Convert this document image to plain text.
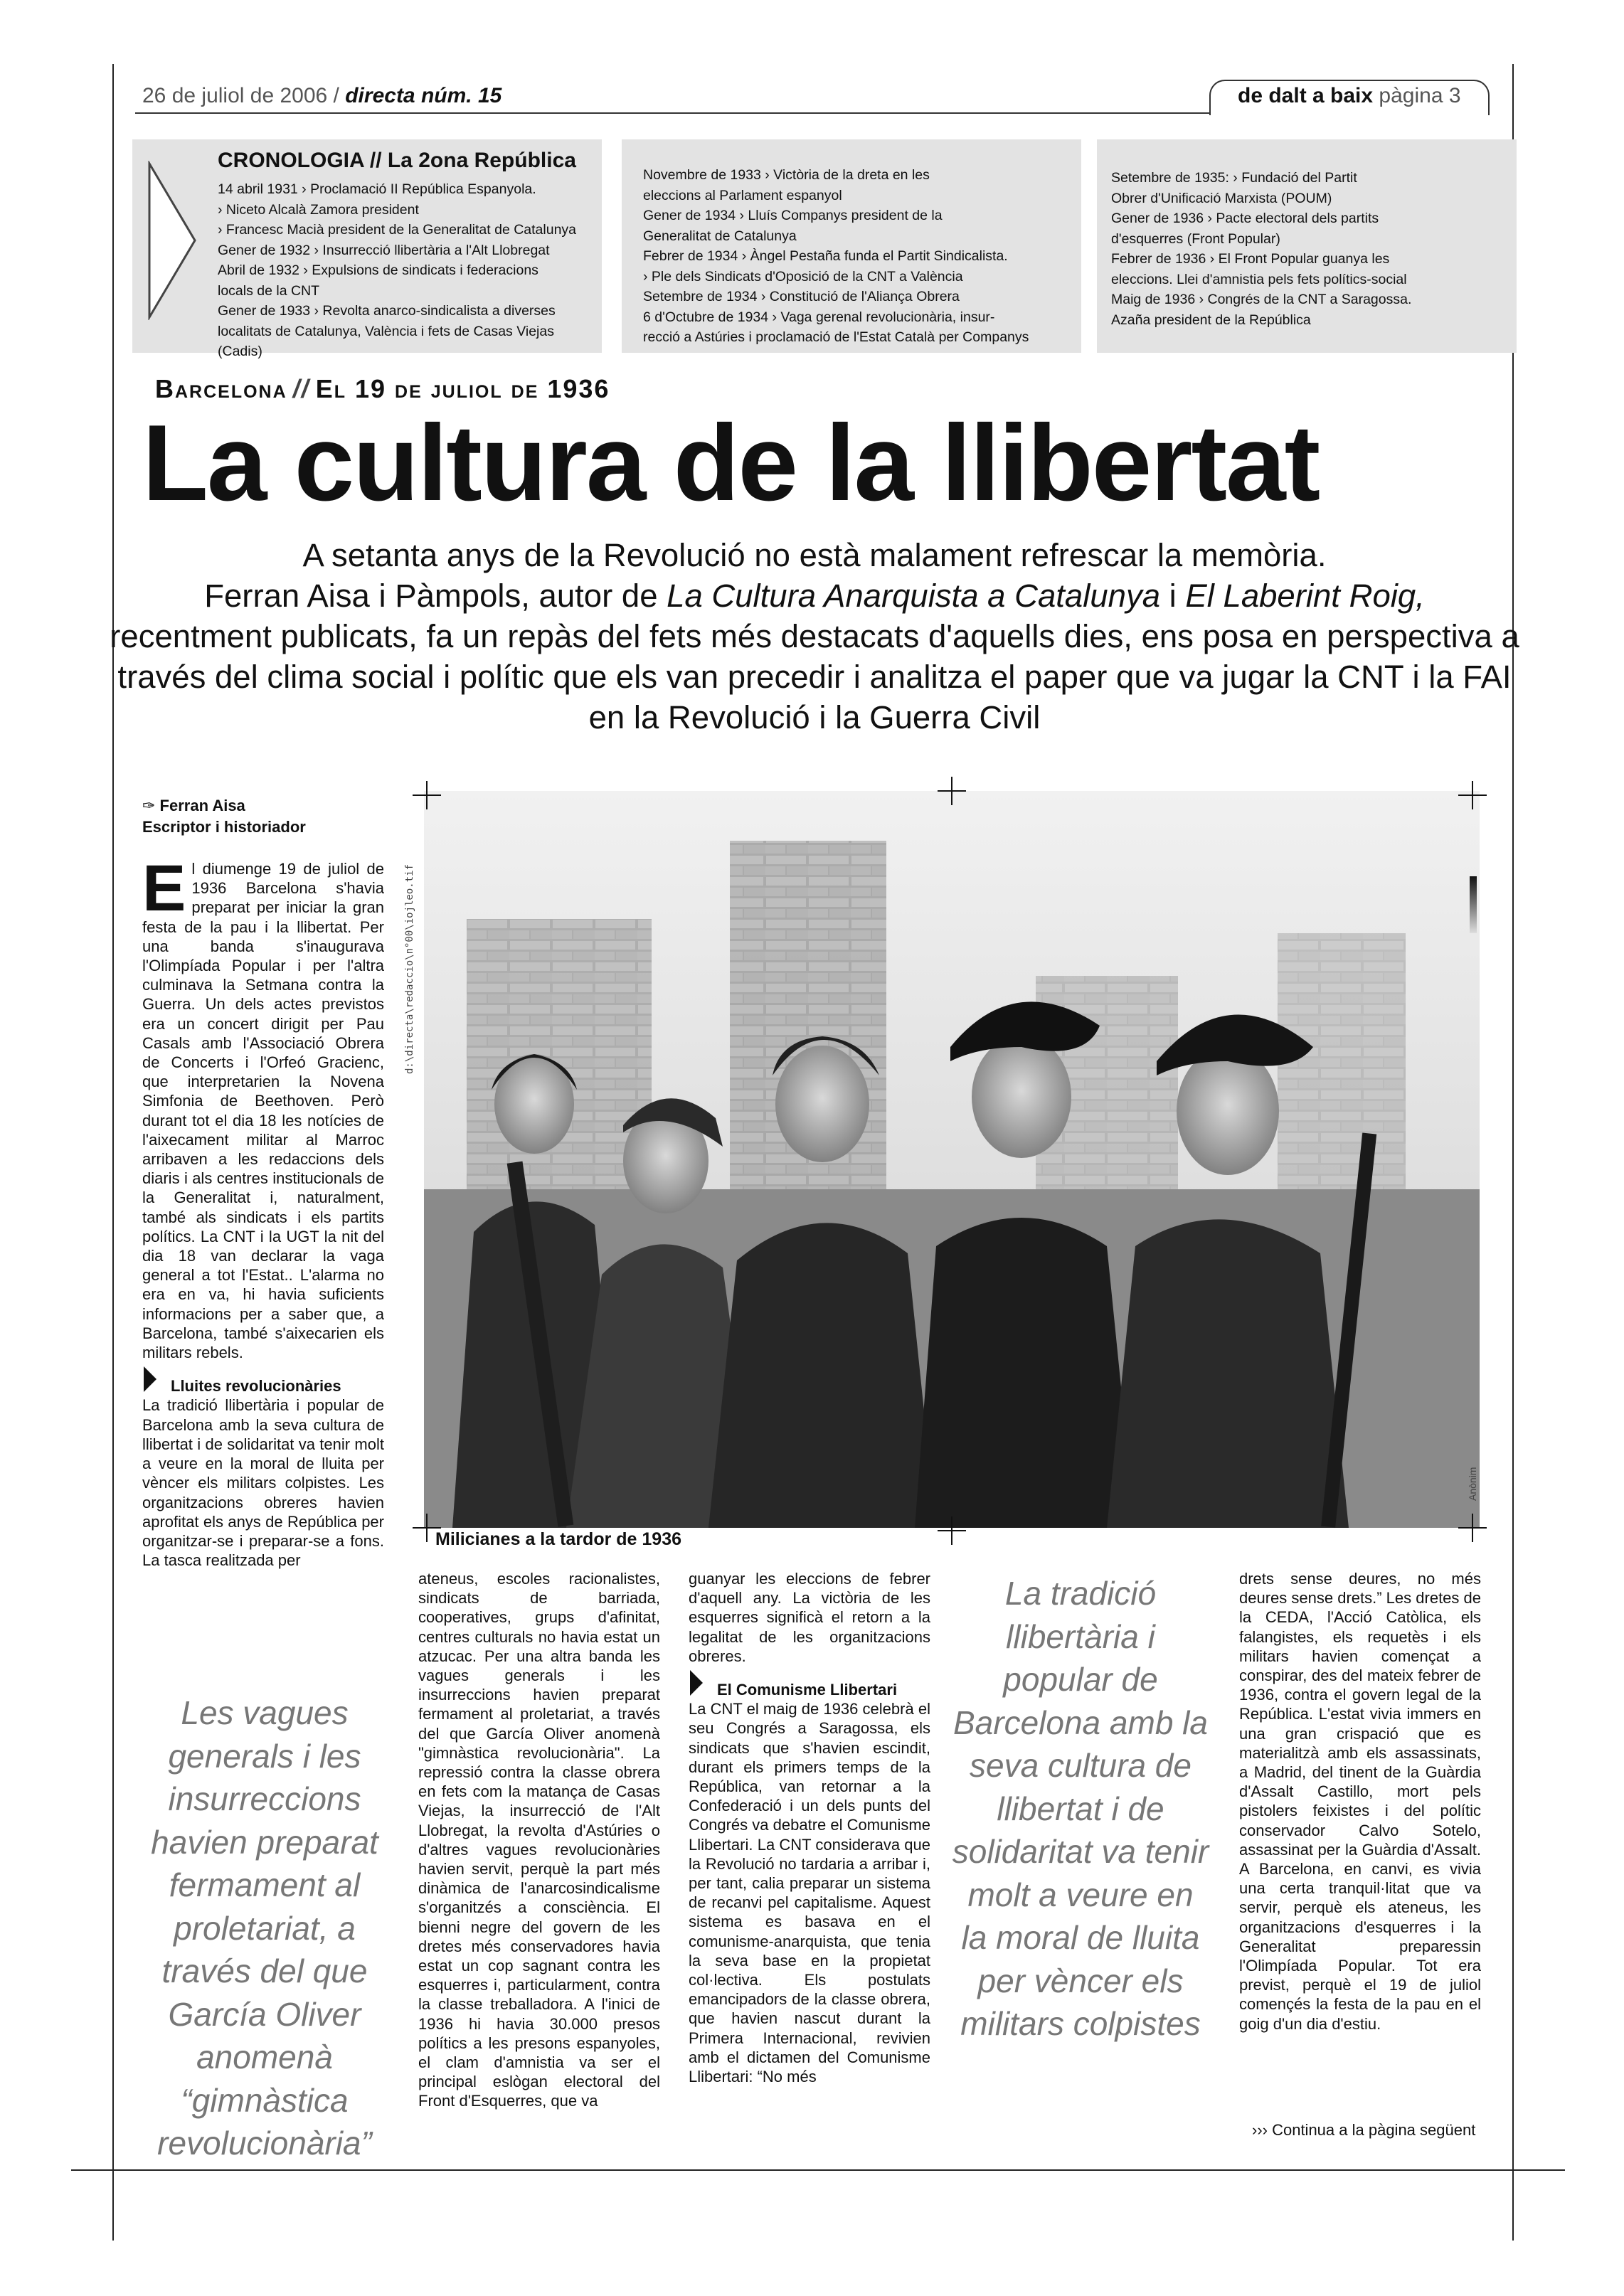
26 de juliol de 2006 / directa núm. 15	de dalt a baix pàgina 3
CRONOLOGIA // La 2ona República

14 abril 1931 › Proclamació II República Espanyola.

› Niceto Alcalà Zamora president

› Francesc Macià president de la Generalitat de Catalunya

Gener de 1932 › Insurrecció llibertària a l'Alt Llobregat

Abril de 1932 › Expulsions de sindicats i federacions

locals de la CNT

Gener de 1933 › Revolta anarco-sindicalista a diverses

localitats de Catalunya, València i fets de Casas Viejas (Cadis)

Novembre de 1933 › Victòria de la dreta en les

eleccions al Parlament espanyol

Gener de 1934 › Lluís Companys president de la

Generalitat de Catalunya

Febrer de 1934 › Àngel Pestaña funda el Partit Sindicalista.

› Ple dels Sindicats d'Oposició de la CNT a València

Setembre de 1934 › Constitució de l'Aliança Obrera

6 d'Octubre de 1934 › Vaga gerenal revolucionària, insur-

recció a Astúries i proclamació de l'Estat Català per Companys

Setembre de 1935: › Fundació del Partit

Obrer d'Unificació Marxista (POUM)

Gener de 1936 › Pacte electoral dels partits

d'esquerres (Front Popular)

Febrer de 1936 › El Front Popular guanya les

eleccions. Llei d'amnistia pels fets polítics-social

Maig de 1936 › Congrés de la CNT a Saragossa.

Azaña president de la República

Barcelona // El 19 de juliol de 1936
La cultura de la llibertat
A setanta anys de la Revolució no està malament refrescar la memòria.
Ferran Aisa i Pàmpols, autor de La Cultura Anarquista a Catalunya i El Laberint Roig,
recentment publicats, fa un repàs del fets més destacats d'aquells dies, ens posa en perspectiva a través del clima social i polític que els van precedir i analitza el paper que va jugar la CNT i la FAI en la Revolució i la Guerra Civil
d:\directa\redaccio\n°00\iojleo.tif
Milicianes a la tardor de 1936
Anònim
✑ Ferran Aisa
Escriptor i historiador

El diumenge 19 de juliol de 1936 Barcelona s'havia preparat per iniciar la gran festa de la pau i la llibertat. Per una banda s'inaugurava l'Olimpíada Popular i per l'altra culminava la Setmana contra la Guerra. Un dels actes previstos era un concert dirigit per Pau Casals amb l'Associació Obrera de Concerts i l'Orfeó Gracienc, que interpretarien la Novena Simfonia de Beethoven. Però durant tot el dia 18 les notícies de l'aixecament militar al Marroc arribaven a les redaccions dels diaris i als centres institucionals de la Generalitat i, naturalment, també als sindicats i els partits polítics. La CNT i la UGT la nit del dia 18 van declarar la vaga general a tot l'Estat.. L'alarma no era en va, hi havia suficients informacions per a saber que, a Barcelona, també s'aixecarien els militars rebels.

Lluites revolucionàries

La tradició llibertària i popular de Barcelona amb la seva cultura de llibertat i de solidaritat va tenir molt a veure en la moral de lluita per vèncer els militars colpistes. Les organitzacions obreres havien aprofitat els anys de República per organitzar-se i preparar-se a fons. La tasca realitzada per

Les vagues generals i les insurreccions havien preparat fermament al proletariat, a través del que García Oliver anomenà “gimnàstica revolucionària”

ateneus, escoles racionalistes, sindicats de barriada, cooperatives, grups d'afinitat, centres culturals no havia estat un atzucac. Per una altra banda les vagues generals i les insurreccions havien preparat fermament al proletariat, a través del que García Oliver anomenà "gimnàstica revolucionària". La repressió contra la classe obrera en fets com la matança de Casas Viejas, la insurrecció de l'Alt Llobregat, la revolta d'Astúries o d'altres vagues revolucionàries havien servit, perquè la part més dinàmica de l'anarcosindicalisme s'organitzés a consciència. El bienni negre del govern de les dretes més conservadores havia estat un cop sagnant contra les esquerres i, particularment, contra la classe treballadora. A l'inici de 1936 hi havia 30.000 presos polítics a les presons espanyoles, el clam d'amnistia va ser el principal eslògan electoral del Front d'Esquerres, que va

guanyar les eleccions de febrer d'aquell any. La victòria de les esquerres significà el retorn a la legalitat de les organitzacions obreres.

El Comunisme Llibertari

La CNT el maig de 1936 celebrà el seu Congrés a Saragossa, els sindicats que s'havien escindit, durant els primers temps de la República, van retornar a la Confederació i un dels punts del Congrés va debatre el Comunisme Llibertari. La CNT considerava que la Revolució no tardaria a arribar i, per tant, calia preparar un sistema de recanvi pel capitalisme. Aquest sistema es basava en el comunisme-anarquista, que tenia la seva base en la propietat col·lectiva. Els postulats emancipadors de la classe obrera, que havien nascut durant la Primera Internacional, revivien amb el dictamen del Comunisme Llibertari: “No més

La tradició llibertària i popular de Barcelona amb la seva cultura de llibertat i de solidaritat va tenir molt a veure en la moral de lluita per vèncer els militars colpistes

drets sense deures, no més deures sense drets.” Les dretes de la CEDA, l'Acció Catòlica, els falangistes, els requetès i els militars havien començat a conspirar, des del mateix febrer de 1936, contra el govern legal de la República. L'estat vivia immers en una gran crispació que es materialitzà amb els assassinats, a Madrid, del tinent de la Guàrdia d'Assalt Castillo, mort pels pistolers feixistes i del polític conservador Calvo Sotelo, assassinat per la Guàrdia d'Assalt. A Barcelona, en canvi, es vivia una certa tranquil·litat que va servir, perquè els ateneus, les organitzacions d'esquerres i la Generalitat preparessin l'Olimpíada Popular. Tot era previst, perquè el 19 de juliol començés la festa de la pau en el goig d'un dia d'estiu.

››› Continua a la pàgina següent
